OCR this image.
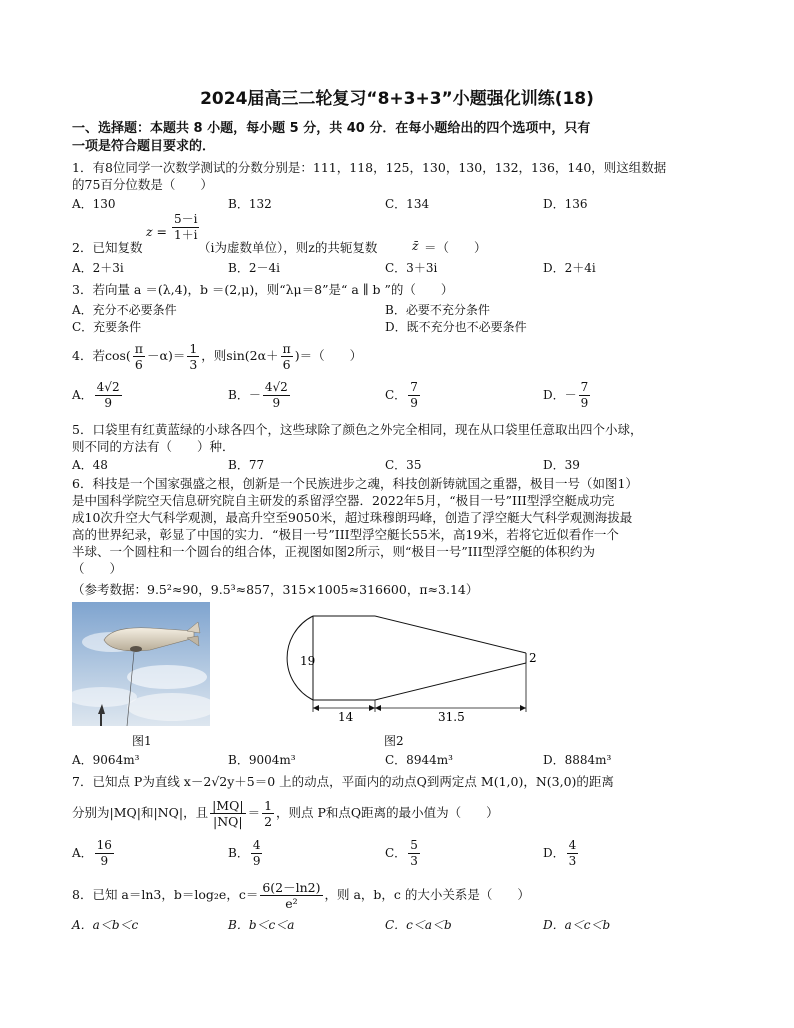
2024届高三二轮复习“8+3+3”小题强化训练(18)
一、选择题：本题共 8 小题，每小题 5 分，共 40 分．在每小题给出的四个选项中，只有
一项是符合题目要求的．
1．有8位同学一次数学测试的分数分别是：111，118，125，130，130，132，136，140，则这组数据
的75百分位数是（　　）
A．130	B．132	C．134	D．136
$z = \frac{5-i}{1+i}$
2．已知复数	（i为虚数单位），则z的共轭复数	z̄ ＝（　　）
A．2＋3i	B．2－4i	C．3＋3i	D．2＋4i
3．若向量 a ＝(λ,4)，b ＝(2,μ)，则“λμ＝8”是“ a ∥ b ”的（　　）
A．充分不必要条件	B．必要不充分条件
C．充要条件	D．既不充分也不必要条件
4．若$\cos( \frac{\pi}{6} -\alpha)= \frac{1}{3}$ ，则$\sin(2\alpha+ \frac{\pi}{6}$ )＝（　　）
A． $\frac{4√2}{9}$	B．－ $\frac{4√2}{9}$	C． $\frac{7}{9}$	D．－ $\frac{7}{9}$
5．口袋里有红黄蓝绿的小球各四个，这些球除了颜色之外完全相同，现在从口袋里任意取出四个小球，
则不同的方法有（　　）种．
A．48	B．77	C．35	D．39
6．科技是一个国家强盛之根，创新是一个民族进步之魂，科技创新铸就国之重器，极目一号（如图1）
是中国科学院空天信息研究院自主研发的系留浮空器．2022年5月，“极目一号”III型浮空艇成功完
成10次升空大气科学观测，最高升空至9050米，超过珠穆朗玛峰，创造了浮空艇大气科学观测海拔最
高的世界纪录，彰显了中国的实力．“极目一号”III型浮空艇长55米，高19米，若将它近似看作一个
半球、一个圆柱和一个圆台的组合体，正视图如图2所示，则“极目一号”III型浮空艇的体积约为
（　　）
（参考数据：9.5²≈90，9.5³≈857，315×1005≈316600，π≈3.14）
图1
19	2
14	31.5
图2
A．9064m³	B．9004m³	C．8944m³	D．8884m³
7．已知点 P为直线 x－2√2y＋5＝0 上的动点，平面内的动点Q到两定点 M(1,0)，N(3,0)的距离
分别为|MQ|和|NQ|，且 $\frac{|MQ|}{|NQ|} = \frac{1}{2}$ ，则点 P和点Q距离的最小值为（　　）
A． $\frac{16}{9}$	B． $\frac{4}{9}$	C． $\frac{5}{3}$	D． $\frac{4}{3}$
8．已知 a＝ln3，b＝log₂e，$c= \frac{6(2-\ln 2)}{\text{e²}}$ ，则 a，b，c 的大小关系是（　　）
A．a＜b＜c	B．b＜c＜a	C．c＜a＜b	D．a＜c＜b
